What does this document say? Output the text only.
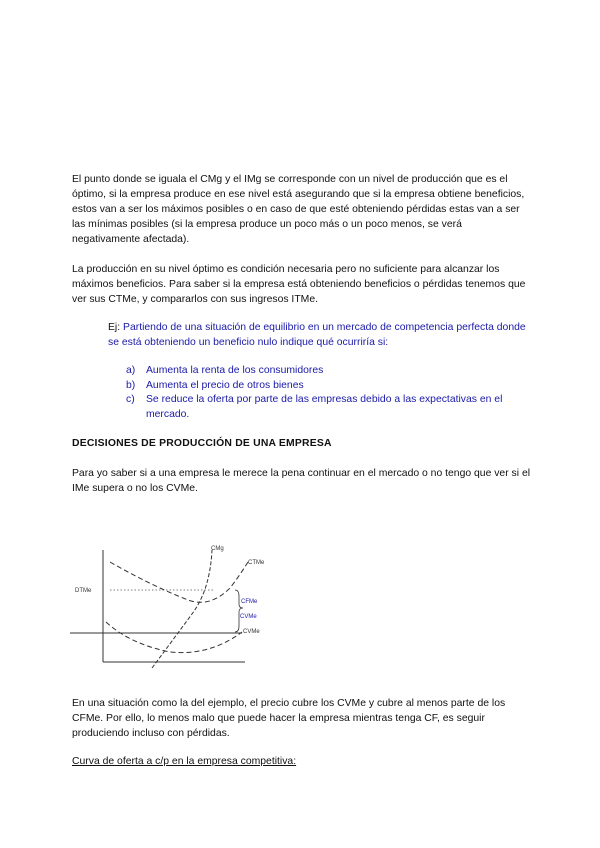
El punto donde se iguala el CMg y el IMg se corresponde con un nivel de producción que es el óptimo, si la empresa produce en ese nivel está asegurando que si la empresa obtiene beneficios, estos van a ser los máximos posibles o en caso de que esté obteniendo pérdidas estas van a ser las mínimas posibles (si la empresa produce un poco más o un poco menos, se verá negativamente afectada).

La producción en su nivel óptimo es condición necesaria pero no suficiente para alcanzar los máximos beneficios. Para saber si la empresa está obteniendo beneficios o pérdidas tenemos que ver sus CTMe, y compararlos con sus ingresos ITMe.

Ej: Partiendo de una situación de equilibrio en un mercado de competencia perfecta donde se está obteniendo un beneficio nulo indique qué ocurriría si:

a) Aumenta la renta de los consumidores
b) Aumenta el precio de otros bienes
c) Se reduce la oferta por parte de las empresas debido a las expectativas en el mercado.

DECISIONES DE PRODUCCIÓN DE UNA EMPRESA

Para yo saber si a una empresa le merece la pena continuar en el mercado o no tengo que ver si el IMe supera o no los CVMe.

CMg
CTMe
DTMe
CFMe
CVMe
CVMe

En una situación como la del ejemplo, el precio cubre los CVMe y cubre al menos parte de los CFMe. Por ello, lo menos malo que puede hacer la empresa mientras tenga CF, es seguir produciendo incluso con pérdidas.

Curva de oferta a c/p en la empresa competitiva:
